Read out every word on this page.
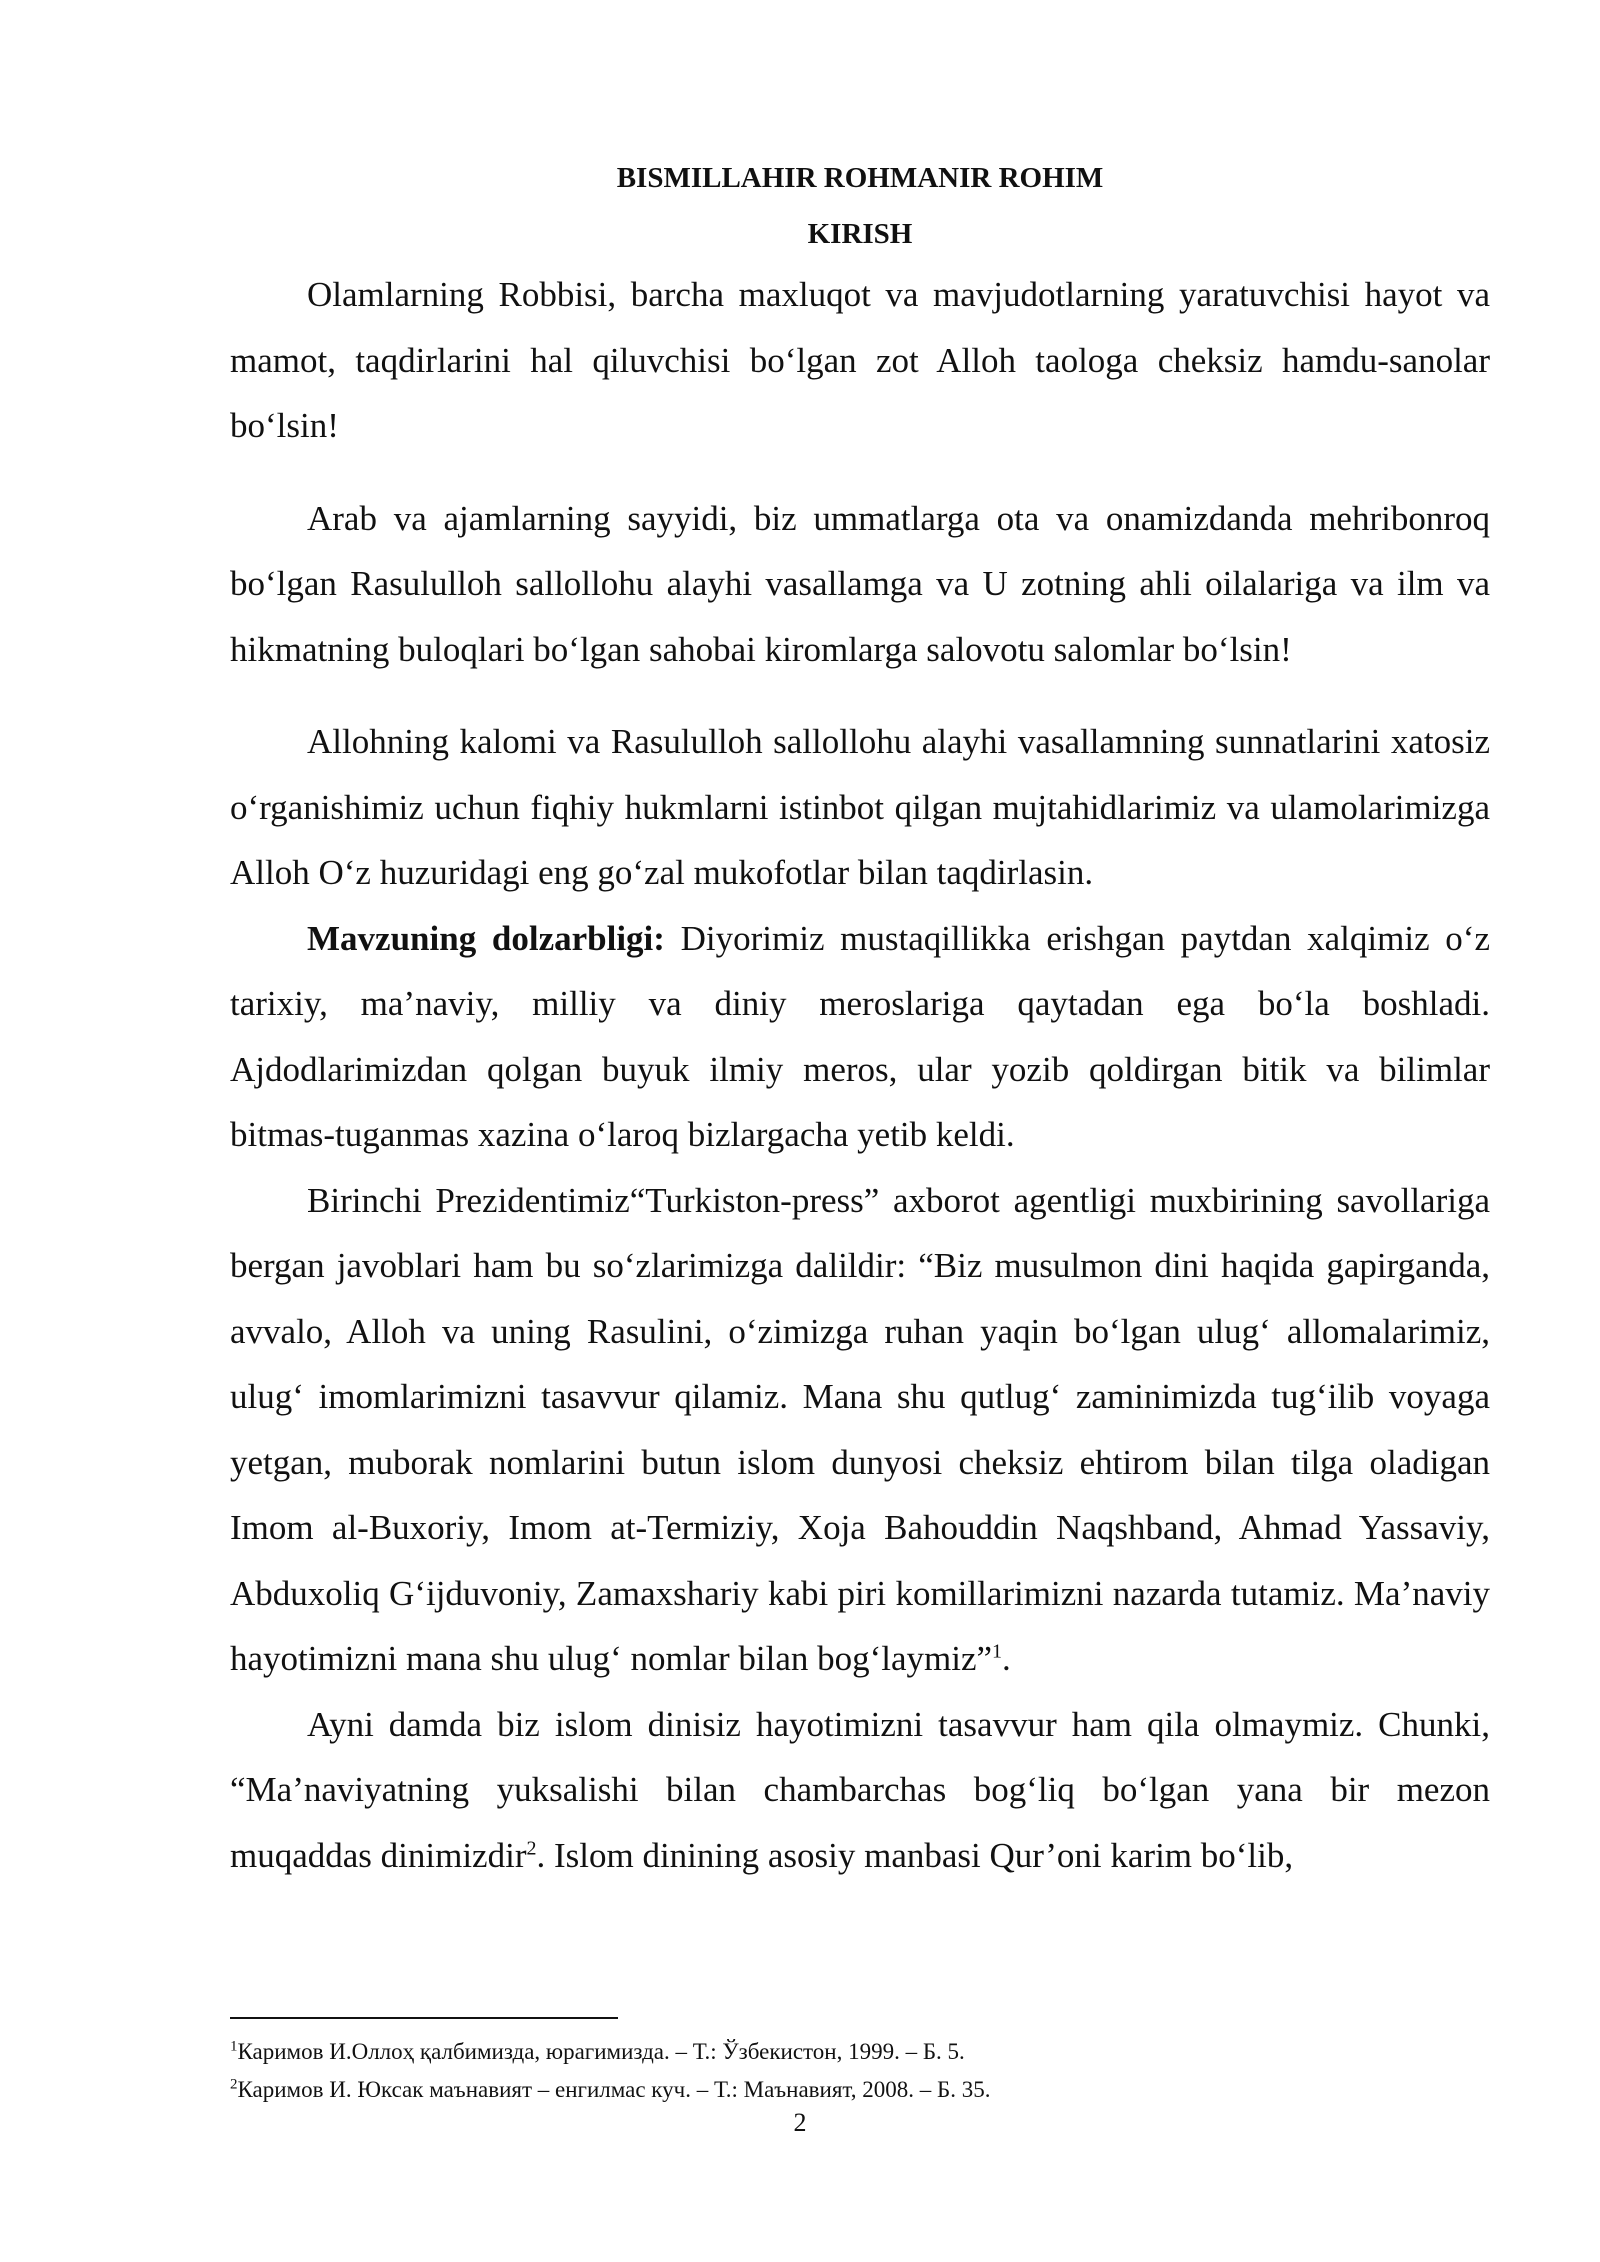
BISMILLAHIR ROHMANIR ROHIM

KIRISH

Olamlarning Robbisi, barcha maxluqot va mavjudotlarning yaratuvchisi hayot va mamot, taqdirlarini hal qiluvchisi bo‘lgan zot Alloh taologa cheksiz hamdu-sanolar bo‘lsin!

Arab va ajamlarning sayyidi, biz ummatlarga ota va onamizdanda mehribonroq bo‘lgan Rasululloh sallollohu alayhi vasallamga va U zotning ahli oilalariga va ilm va hikmatning buloqlari bo‘lgan sahobai kiromlarga salovotu salomlar bo‘lsin!

Allohning kalomi va Rasululloh sallollohu alayhi vasallamning sunnatlarini xatosiz o‘rganishimiz uchun fiqhiy hukmlarni istinbot qilgan mujtahidlarimiz va ulamolarimizga Alloh O‘z huzuridagi eng go‘zal mukofotlar bilan taqdirlasin.

Mavzuning dolzarbligi: Diyorimiz mustaqillikka erishgan paytdan xalqimiz o‘z tarixiy, ma’naviy, milliy va diniy meroslariga qaytadan ega bo‘la boshladi. Ajdodlarimizdan qolgan buyuk ilmiy meros, ular yozib qoldirgan bitik va bilimlar bitmas-tuganmas xazina o‘laroq bizlargacha yetib keldi.

Birinchi Prezidentimiz“Turkiston-press” axborot agentligi muxbirining savollariga bergan javoblari ham bu so‘zlarimizga dalildir: “Biz musulmon dini haqida gapirganda, avvalo, Alloh va uning Rasulini, o‘zimizga ruhan yaqin bo‘lgan ulug‘ allomalarimiz, ulug‘ imomlarimizni tasavvur qilamiz. Mana shu qutlug‘ zaminimizda tug‘ilib voyaga yetgan, muborak nomlarini butun islom dunyosi cheksiz ehtirom bilan tilga oladigan Imom al-Buxoriy, Imom at-Termiziy, Xoja Bahouddin Naqshband, Ahmad Yassaviy, Abduxoliq G‘ijduvoniy, Zamaxshariy kabi piri komillarimizni nazarda tutamiz. Ma’naviy hayotimizni mana shu ulug‘ nomlar bilan bog‘laymiz”$^1$.

Ayni damda biz islom dinisiz hayotimizni tasavvur ham qila olmaymiz. Chunki, “Ma’naviyatning yuksalishi bilan chambarchas bog‘liq bo‘lgan yana bir mezon muqaddas dinimizdir$^2$. Islom dinining asosiy manbasi Qur’oni karim bo‘lib,

$^1$Каримов И.Оллоҳ қалбимизда, юрагимизда. – Т.: Ўзбекистон, 1999. – Б. 5.

$^2$Каримов И. Юксак маънавият – енгилмас куч. – Т.: Маънавият, 2008. – Б. 35.

2
